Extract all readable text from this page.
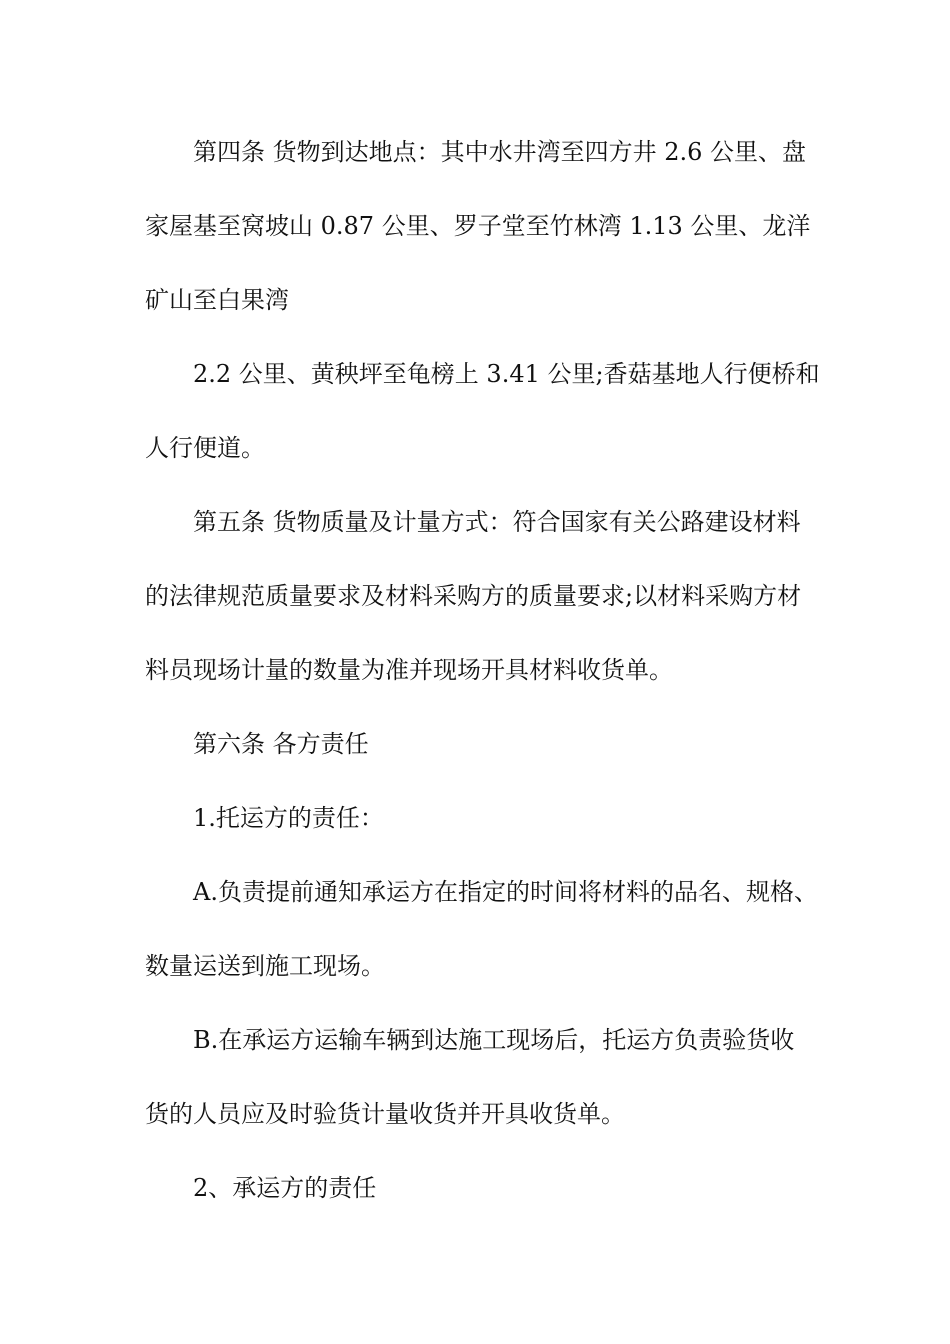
第四条 货物到达地点：其中水井湾至四方井 2.6 公里、盘
家屋基至窝坡山 0.87 公里、罗子堂至竹林湾 1.13 公里、龙洋
矿山至白果湾
2.2 公里、黄秧坪至龟榜上 3.41 公里;香菇基地人行便桥和
人行便道。
第五条 货物质量及计量方式：符合国家有关公路建设材料
的法律规范质量要求及材料采购方的质量要求;以材料采购方材
料员现场计量的数量为准并现场开具材料收货单。
第六条 各方责任
1.托运方的责任：
A.负责提前通知承运方在指定的时间将材料的品名、规格、
数量运送到施工现场。
B.在承运方运输车辆到达施工现场后，托运方负责验货收
货的人员应及时验货计量收货并开具收货单。
2、承运方的责任
